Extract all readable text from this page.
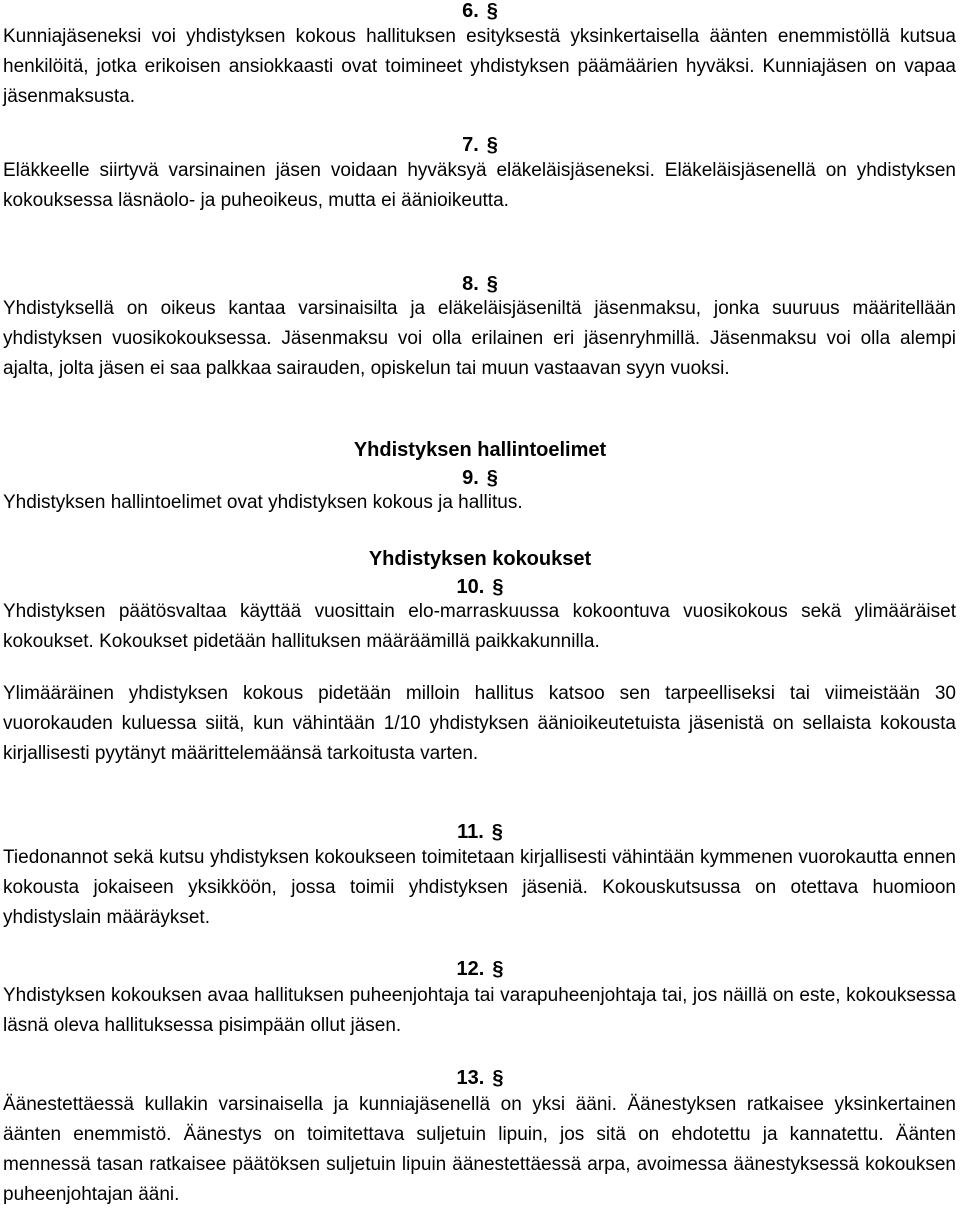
6. §
Kunniajäseneksi voi yhdistyksen kokous hallituksen esityksestä yksinkertaisella äänten enemmistöllä kutsua henkilöitä, jotka erikoisen ansiokkaasti ovat toimineet yhdistyksen päämäärien hyväksi. Kunniajäsen on vapaa jäsenmaksusta.
7. §
Eläkkeelle siirtyvä varsinainen jäsen voidaan hyväksyä eläkeläisjäseneksi. Eläkeläisjäsenellä on yhdistyksen kokouksessa läsnäolo- ja puheoikeus, mutta ei äänioikeutta.
8. §
Yhdistyksellä on oikeus kantaa varsinaisilta ja eläkeläisjäseniltä jäsenmaksu, jonka suuruus määritellään yhdistyksen vuosikokouksessa. Jäsenmaksu voi olla erilainen eri jäsenryhmillä. Jäsenmaksu voi olla alempi ajalta, jolta jäsen ei saa palkkaa sairauden, opiskelun tai muun vastaavan syyn vuoksi.
Yhdistyksen hallintoelimet
9. §
Yhdistyksen hallintoelimet ovat yhdistyksen kokous ja hallitus.
Yhdistyksen kokoukset
10. §
Yhdistyksen päätösvaltaa käyttää vuosittain elo-marraskuussa kokoontuva vuosikokous sekä ylimääräiset kokoukset. Kokoukset pidetään hallituksen määräämillä paikkakunnilla.
Ylimääräinen yhdistyksen kokous pidetään milloin hallitus katsoo sen tarpeelliseksi tai viimeistään 30 vuorokauden kuluessa siitä, kun vähintään 1/10 yhdistyksen äänioikeutetuista jäsenistä on sellaista kokousta kirjallisesti pyytänyt määrittelemäänsä tarkoitusta varten.
11. §
Tiedonannot sekä kutsu yhdistyksen kokoukseen toimitetaan kirjallisesti vähintään kymmenen vuorokautta ennen kokousta jokaiseen yksikköön, jossa toimii yhdistyksen jäseniä. Kokouskutsussa on otettava huomioon yhdistyslain määräykset.
12. §
Yhdistyksen kokouksen avaa hallituksen puheenjohtaja tai varapuheenjohtaja tai, jos näillä on este, kokouksessa läsnä oleva hallituksessa pisimpään ollut jäsen.
13. §
Äänestettäessä kullakin varsinaisella ja kunniajäsenellä on yksi ääni. Äänestyksen ratkaisee yksinkertainen äänten enemmistö. Äänestys on toimitettava suljetuin lipuin, jos sitä on ehdotettu ja kannatettu. Äänten mennessä tasan ratkaisee päätöksen suljetuin lipuin äänestettäessä arpa, avoimessa äänestyksessä kokouksen puheenjohtajan ääni.
